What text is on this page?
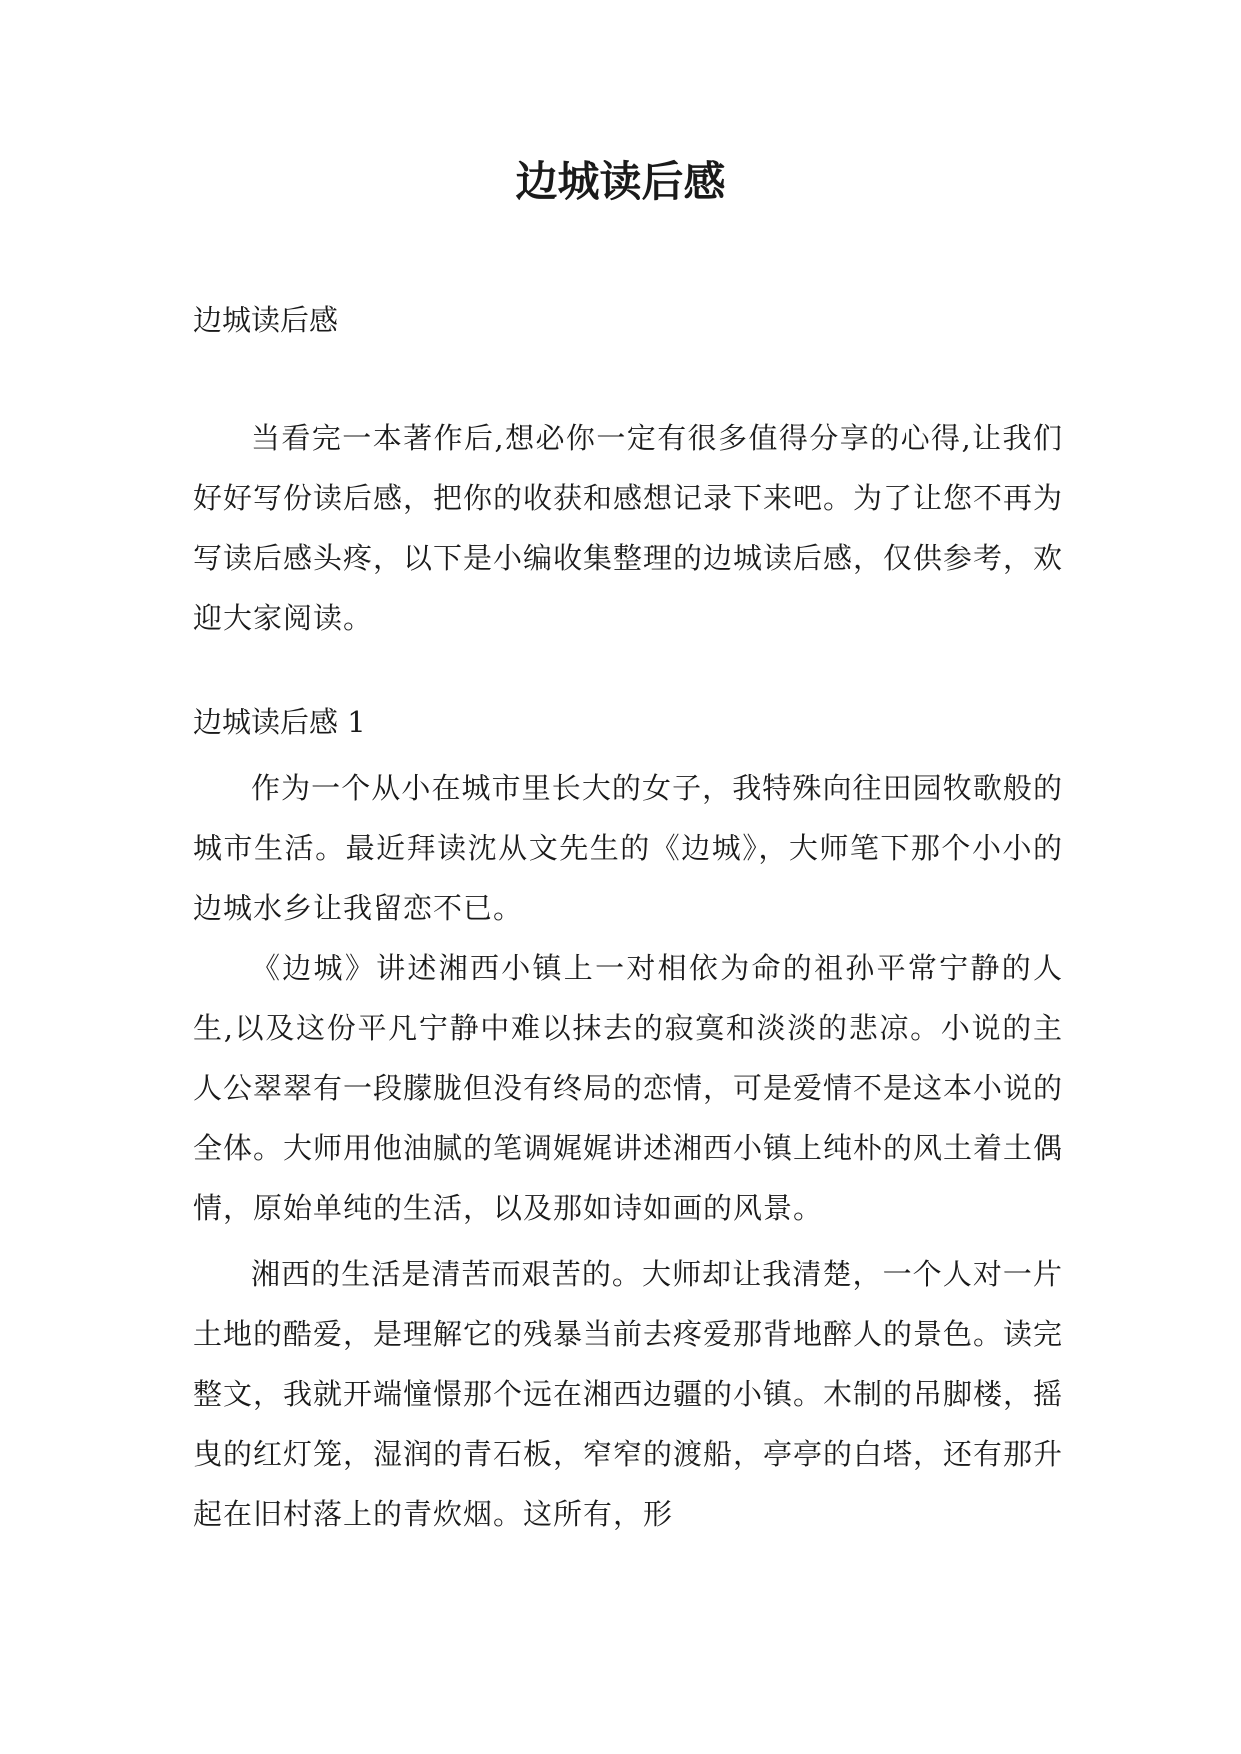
边城读后感

边城读后感

当看完一本著作后,想必你一定有很多值得分享的心得,让我们好好写份读后感，把你的收获和感想记录下来吧。为了让您不再为写读后感头疼，以下是小编收集整理的边城读后感，仅供参考，欢迎大家阅读。

边城读后感 1

作为一个从小在城市里长大的女子，我特殊向往田园牧歌般的城市生活。最近拜读沈从文先生的《边城》，大师笔下那个小小的边城水乡让我留恋不已。

《边城》讲述湘西小镇上一对相依为命的祖孙平常宁静的人生,以及这份平凡宁静中难以抹去的寂寞和淡淡的悲凉。小说的主人公翠翠有一段朦胧但没有终局的恋情，可是爱情不是这本小说的全体。大师用他油腻的笔调娓娓讲述湘西小镇上纯朴的风土着土偶情，原始单纯的生活，以及那如诗如画的风景。

湘西的生活是清苦而艰苦的。大师却让我清楚，一个人对一片土地的酷爱，是理解它的残暴当前去疼爱那背地醉人的景色。读完整文，我就开端憧憬那个远在湘西边疆的小镇。木制的吊脚楼，摇曳的红灯笼，湿润的青石板，窄窄的渡船，亭亭的白塔，还有那升起在旧村落上的青炊烟。这所有，形
